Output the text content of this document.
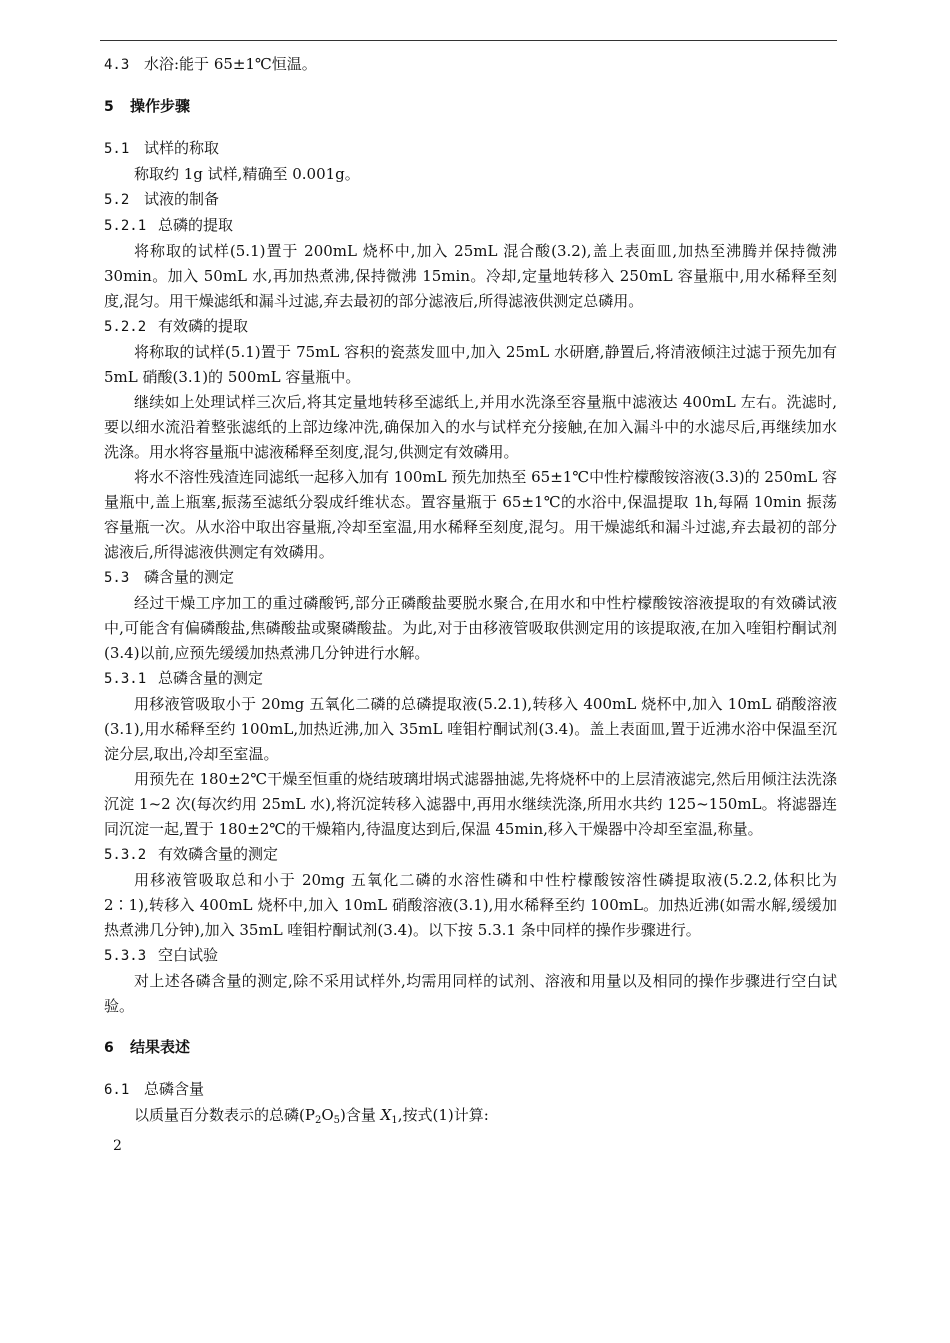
4.3 水浴:能于 65±1℃恒温。

5 操作步骤

5.1 试样的称取

称取约 1g 试样,精确至 0.001g。

5.2 试液的制备

5.2.1 总磷的提取

将称取的试样(5.1)置于 200mL 烧杯中,加入 25mL 混合酸(3.2),盖上表面皿,加热至沸腾并保持微沸 30min。加入 50mL 水,再加热煮沸,保持微沸 15min。冷却,定量地转移入 250mL 容量瓶中,用水稀释至刻度,混匀。用干燥滤纸和漏斗过滤,弃去最初的部分滤液后,所得滤液供测定总磷用。

5.2.2 有效磷的提取

将称取的试样(5.1)置于 75mL 容积的瓷蒸发皿中,加入 25mL 水研磨,静置后,将清液倾注过滤于预先加有 5mL 硝酸(3.1)的 500mL 容量瓶中。

继续如上处理试样三次后,将其定量地转移至滤纸上,并用水洗涤至容量瓶中滤液达 400mL 左右。洗滤时,要以细水流沿着整张滤纸的上部边缘冲洗,确保加入的水与试样充分接触,在加入漏斗中的水滤尽后,再继续加水洗涤。用水将容量瓶中滤液稀释至刻度,混匀,供测定有效磷用。

将水不溶性残渣连同滤纸一起移入加有 100mL 预先加热至 65±1℃中性柠檬酸铵溶液(3.3)的 250mL 容量瓶中,盖上瓶塞,振荡至滤纸分裂成纤维状态。置容量瓶于 65±1℃的水浴中,保温提取 1h,每隔 10min 振荡容量瓶一次。从水浴中取出容量瓶,冷却至室温,用水稀释至刻度,混匀。用干燥滤纸和漏斗过滤,弃去最初的部分滤液后,所得滤液供测定有效磷用。

5.3 磷含量的测定

经过干燥工序加工的重过磷酸钙,部分正磷酸盐要脱水聚合,在用水和中性柠檬酸铵溶液提取的有效磷试液中,可能含有偏磷酸盐,焦磷酸盐或聚磷酸盐。为此,对于由移液管吸取供测定用的该提取液,在加入喹钼柠酮试剂(3.4)以前,应预先缓缓加热煮沸几分钟进行水解。

5.3.1 总磷含量的测定

用移液管吸取小于 20mg 五氧化二磷的总磷提取液(5.2.1),转移入 400mL 烧杯中,加入 10mL 硝酸溶液(3.1),用水稀释至约 100mL,加热近沸,加入 35mL 喹钼柠酮试剂(3.4)。盖上表面皿,置于近沸水浴中保温至沉淀分层,取出,冷却至室温。

用预先在 180±2℃干燥至恒重的烧结玻璃坩埚式滤器抽滤,先将烧杯中的上层清液滤完,然后用倾注法洗涤沉淀 1~2 次(每次约用 25mL 水),将沉淀转移入滤器中,再用水继续洗涤,所用水共约 125~150mL。将滤器连同沉淀一起,置于 180±2℃的干燥箱内,待温度达到后,保温 45min,移入干燥器中冷却至室温,称量。

5.3.2 有效磷含量的测定

用移液管吸取总和小于 20mg 五氧化二磷的水溶性磷和中性柠檬酸铵溶性磷提取液(5.2.2,体积比为 2∶1),转移入 400mL 烧杯中,加入 10mL 硝酸溶液(3.1),用水稀释至约 100mL。加热近沸(如需水解,缓缓加热煮沸几分钟),加入 35mL 喹钼柠酮试剂(3.4)。以下按 5.3.1 条中同样的操作步骤进行。

5.3.3 空白试验

对上述各磷含量的测定,除不采用试样外,均需用同样的试剂、溶液和用量以及相同的操作步骤进行空白试验。

6 结果表述

6.1 总磷含量

以质量百分数表示的总磷$(P_2O_5)$含量 $X_1$,按式(1)计算:

2
